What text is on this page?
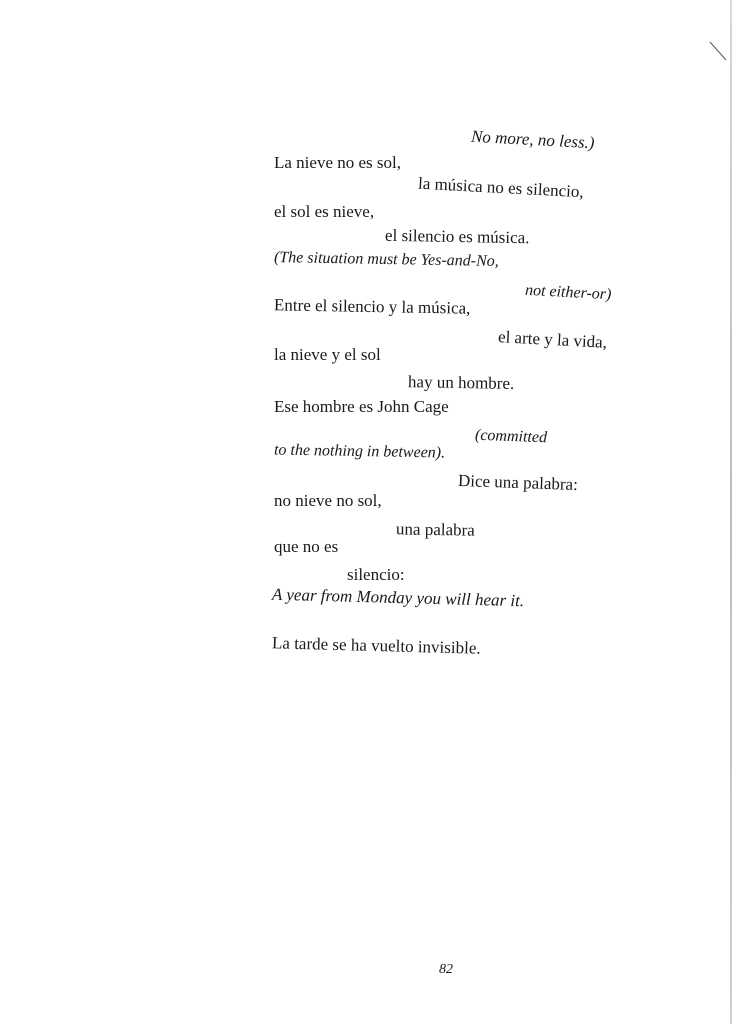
No more, no less.)
La nieve no es sol,
la música no es silencio,
el sol es nieve,
el silencio es música.
(The situation must be Yes-and-No,
not either-or)
Entre el silencio y la música,
el arte y la vida,
la nieve y el sol
hay un hombre.
Ese hombre es John Cage
(committed
to the nothing in between).
Dice una palabra:
no nieve no sol,
una palabra
que no es
silencio:
A year from Monday you will hear it.
La tarde se ha vuelto invisible.
82
